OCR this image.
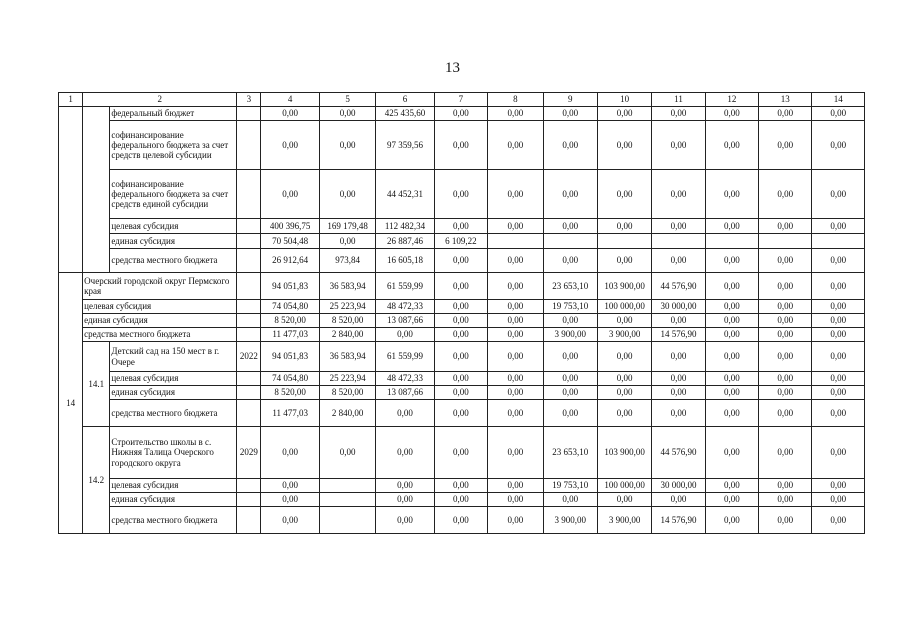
13
1	2		3	4	5	6	7	8	9	10	11	12	13	14
		федеральный бюджет		0,00	0,00	425 435,60	0,00	0,00	0,00	0,00	0,00	0,00	0,00	0,00
		софинансирование федерального бюджета за счет средств целевой субсидии		0,00	0,00	97 359,56	0,00	0,00	0,00	0,00	0,00	0,00	0,00	0,00
		софинансирование федерального бюджета за счет средств единой субсидии		0,00	0,00	44 452,31	0,00	0,00	0,00	0,00	0,00	0,00	0,00	0,00
		целевая субсидия		400 396,75	169 179,48	112 482,34	0,00	0,00	0,00	0,00	0,00	0,00	0,00	0,00
		единая субсидия		70 504,48	0,00	26 887,46	6 109,22							
		средства местного бюджета		26 912,64	973,84	16 605,18	0,00	0,00	0,00	0,00	0,00	0,00	0,00	0,00
14	Очерский городской округ Пермского края			94 051,83	36 583,94	61 559,99	0,00	0,00	23 653,10	103 900,00	44 576,90	0,00	0,00	0,00
	целевая субсидия			74 054,80	25 223,94	48 472,33	0,00	0,00	19 753,10	100 000,00	30 000,00	0,00	0,00	0,00
	единая субсидия			8 520,00	8 520,00	13 087,66	0,00	0,00	0,00	0,00	0,00	0,00	0,00	0,00
	средства местного бюджета			11 477,03	2 840,00	0,00	0,00	0,00	3 900,00	3 900,00	14 576,90	0,00	0,00	0,00
	14.1	Детский сад на 150 мест в г. Очере	2022	94 051,83	36 583,94	61 559,99	0,00	0,00	0,00	0,00	0,00	0,00	0,00	0,00
		целевая субсидия		74 054,80	25 223,94	48 472,33	0,00	0,00	0,00	0,00	0,00	0,00	0,00	0,00
		единая субсидия		8 520,00	8 520,00	13 087,66	0,00	0,00	0,00	0,00	0,00	0,00	0,00	0,00
		средства местного бюджета		11 477,03	2 840,00	0,00	0,00	0,00	0,00	0,00	0,00	0,00	0,00	0,00
	14.2	Строительство школы в с. Нижняя Талица Очерского городского округа	2029	0,00	0,00	0,00	0,00	0,00	23 653,10	103 900,00	44 576,90	0,00	0,00	0,00
		целевая субсидия		0,00		0,00	0,00	0,00	19 753,10	100 000,00	30 000,00	0,00	0,00	0,00
		единая субсидия		0,00		0,00	0,00	0,00	0,00	0,00	0,00	0,00	0,00	0,00
		средства местного бюджета		0,00		0,00	0,00	0,00	3 900,00	3 900,00	14 576,90	0,00	0,00	0,00
